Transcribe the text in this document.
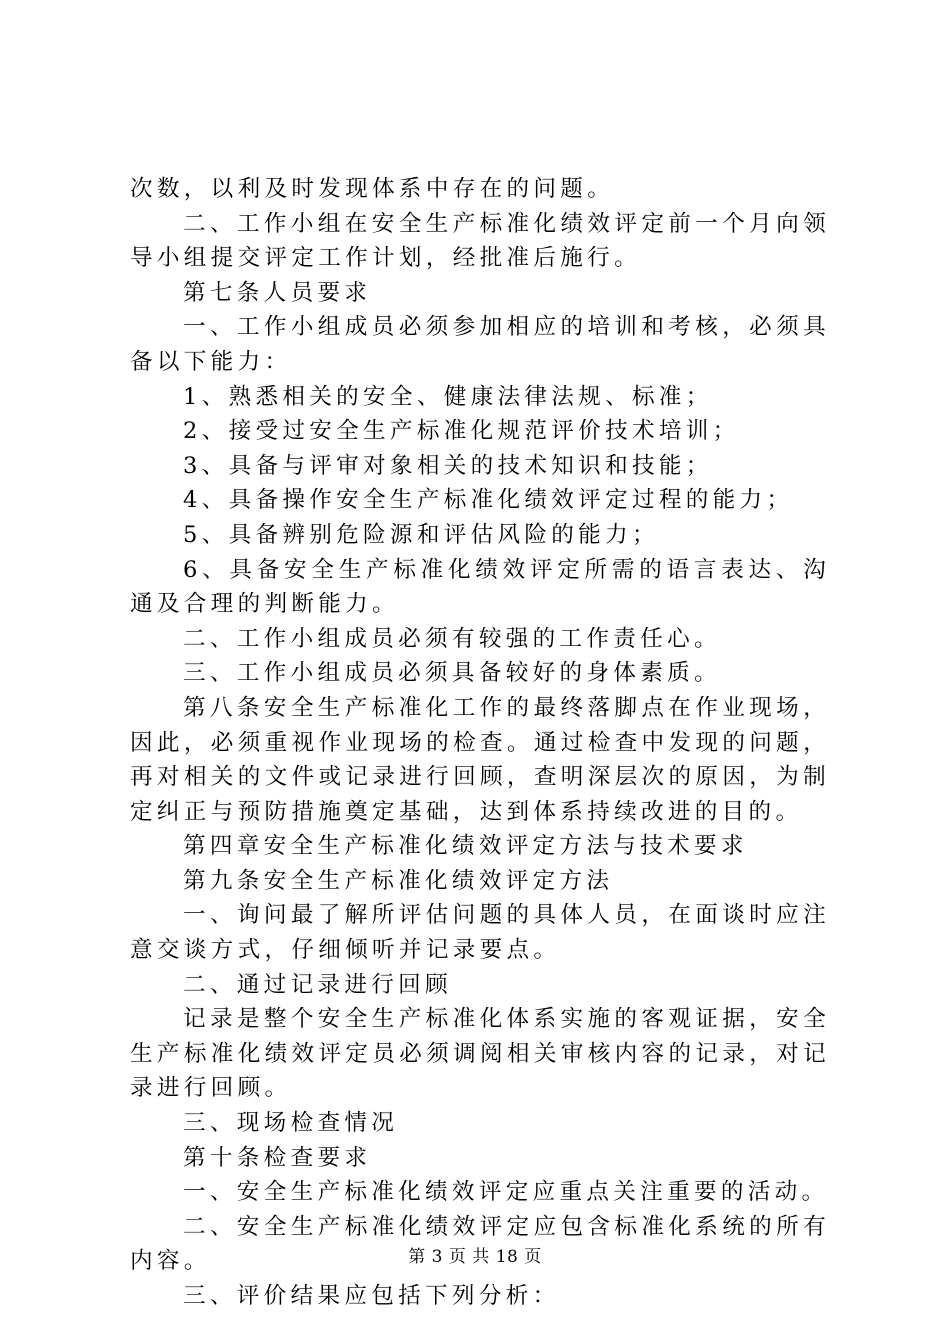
次数，以利及时发现体系中存在的问题。

二、工作小组在安全生产标准化绩效评定前一个月向领导小组提交评定工作计划，经批准后施行。

第七条人员要求

一、工作小组成员必须参加相应的培训和考核，必须具备以下能力：

1、熟悉相关的安全、健康法律法规、标准；

2、接受过安全生产标准化规范评价技术培训；

3、具备与评审对象相关的技术知识和技能；

4、具备操作安全生产标准化绩效评定过程的能力；

5、具备辨别危险源和评估风险的能力；

6、具备安全生产标准化绩效评定所需的语言表达、沟通及合理的判断能力。

二、工作小组成员必须有较强的工作责任心。

三、工作小组成员必须具备较好的身体素质。

第八条安全生产标准化工作的最终落脚点在作业现场，因此，必须重视作业现场的检查。通过检查中发现的问题，再对相关的文件或记录进行回顾，查明深层次的原因，为制定纠正与预防措施奠定基础，达到体系持续改进的目的。

第四章安全生产标准化绩效评定方法与技术要求

第九条安全生产标准化绩效评定方法

一、询问最了解所评估问题的具体人员，在面谈时应注意交谈方式，仔细倾听并记录要点。

二、通过记录进行回顾

记录是整个安全生产标准化体系实施的客观证据，安全生产标准化绩效评定员必须调阅相关审核内容的记录，对记录进行回顾。

三、现场检查情况

第十条检查要求

一、安全生产标准化绩效评定应重点关注重要的活动。

二、安全生产标准化绩效评定应包含标准化系统的所有内容。

三、评价结果应包括下列分析：

第 3 页 共 18 页
